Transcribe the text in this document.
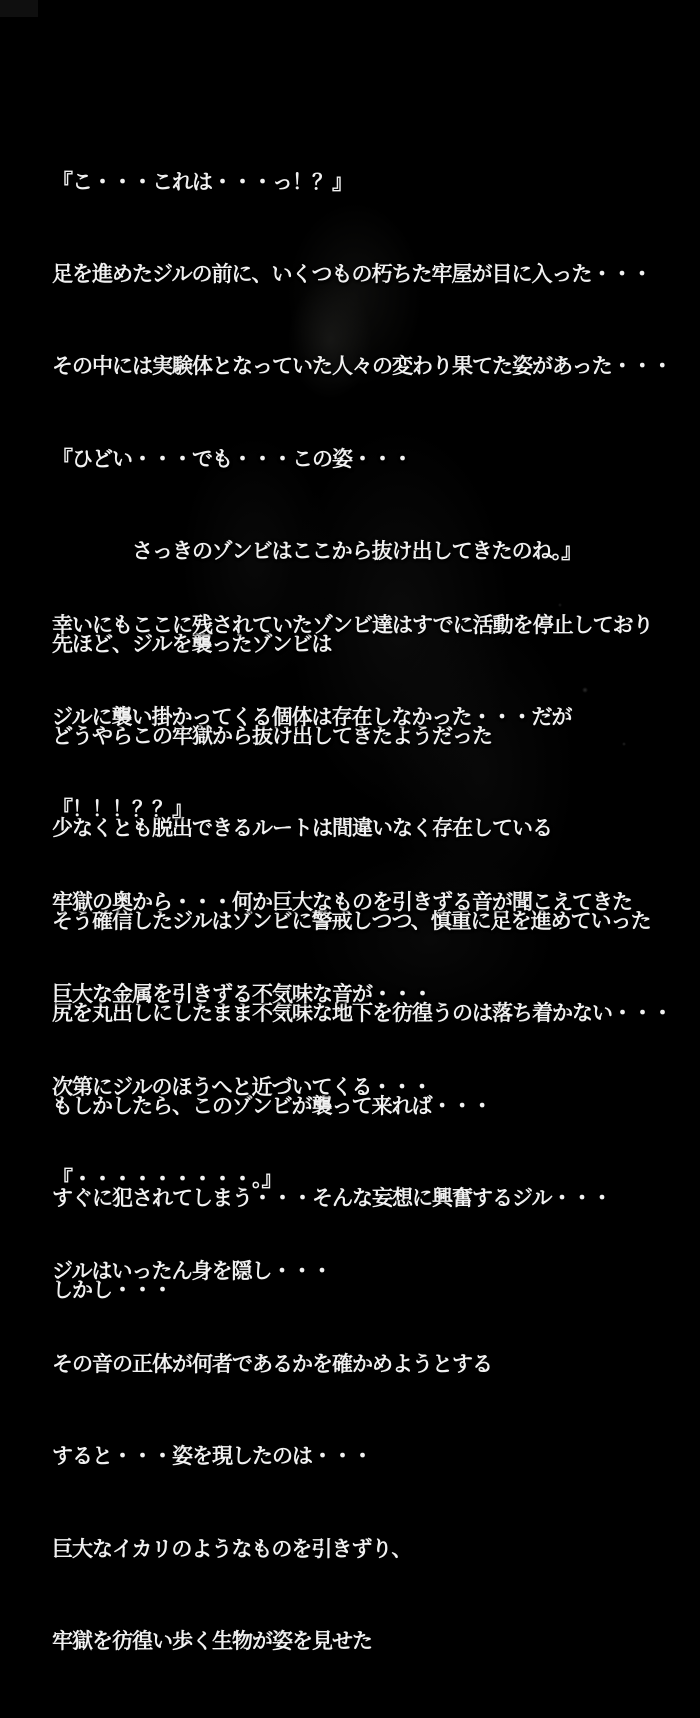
『こ・・・これは・・・っ！？』

足を進めたジルの前に、いくつもの朽ちた牢屋が目に入った・・・

その中には実験体となっていた人々の変わり果てた姿があった・・・

『ひどい・・・でも・・・この姿・・・

　　　　さっきのゾンビはここから抜け出してきたのね。』

先ほど、ジルを襲ったゾンビは

どうやらこの牢獄から抜け出してきたようだった

少なくとも脱出できるルートは間違いなく存在している

そう確信したジルはゾンビに警戒しつつ、慎重に足を進めていった

尻を丸出しにしたまま不気味な地下を彷徨うのは落ち着かない・・・

もしかしたら、このゾンビが襲って来れば・・・

すぐに犯されてしまう・・・そんな妄想に興奮するジル・・・

しかし・・・

幸いにもここに残されていたゾンビ達はすでに活動を停止しており

ジルに襲い掛かってくる個体は存在しなかった・・・だが

『！！！？？』

牢獄の奥から・・・何か巨大なものを引きずる音が聞こえてきた

巨大な金属を引きずる不気味な音が・・・

次第にジルのほうへと近づいてくる・・・

『・・・・・・・・・。』

ジルはいったん身を隠し・・・

その音の正体が何者であるかを確かめようとする

すると・・・姿を現したのは・・・

巨大なイカリのようなものを引きずり、

牢獄を彷徨い歩く生物が姿を見せた
